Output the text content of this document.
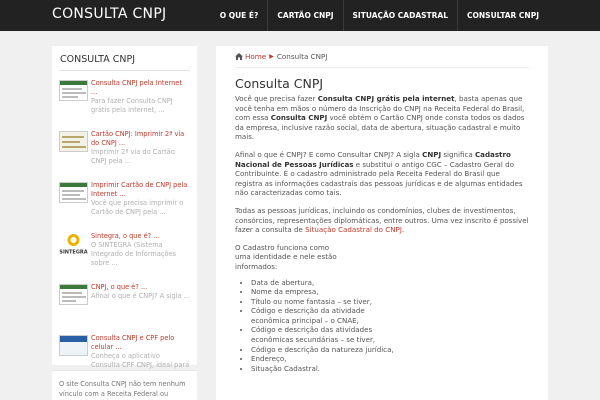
CONSULTA CNPJ	O QUE É?	CARTÃO CNPJ	SITUAÇÃO CADASTRAL	CONSULTAR CNPJ
CONSULTA CNPJ
Consulta CNPJ pela Internet ...
Para fazer Consulta CNPJ grátis pela internet, ...
Cartão CNPJ: Imprimir 2ª via do CNPJ ...
Imprimir 2ª via do Cartão CNPJ pela ...
Imprimir Cartão de CNPJ pela Internet ...
Você que precisa imprimir o Cartão de CNPJ pela ...
SINTEGRA
Sintegra, o que é? ...
O SINTEGRA (Sistema Integrado de Informações sobre ...
CNPJ, o que é? ...
Afinal o que é CNPJ? A sigla ...
Consulta CNPJ e CPF pelo celular ...
Conheça o aplicativo Consulta CPF CNPJ, ideal para
O site Consulta CNPJ não tem nenhum vínculo com a Receita Federal ou
Home ▶ Consulta CNPJ
Consulta CNPJ

Você que precisa fazer Consulta CNPJ grátis pela internet, basta apenas que você tenha em mãos o número da Inscrição do CNPJ na Receita Federal do Brasil, com essa Consulta CNPJ você obtém o Cartão CNPJ onde consta todos os dados da empresa, inclusive razão social, data de abertura, situação cadastral e muito mais.

Afinal o que é CNPJ? E como Consultar CNPJ? A sigla CNPJ significa Cadastro Nacional de Pessoas Jurídicas e substitui o antigo CGC – Cadastro Geral do Contribuinte. É o cadastro administrado pela Receita Federal do Brasil que registra as informações cadastrais das pessoas jurídicas e de algumas entidades não caracterizadas como tais.

Todas as pessoas jurídicas, incluindo os condomínios, clubes de investimentos, consórcios, representações diplomáticas, entre outros. Uma vez inscrito é possível fazer a consulta de Situação Cadastral do CNPJ.

O Cadastro funciona como uma identidade e nele estão informados:

• Data de abertura,
• Nome da empresa,
• Título ou nome fantasia – se tiver,
• Código e descrição da atividade econômica principal – o CNAE,
• Código e descrição das atividades econômicas secundárias – se tiver,
• Código e descrição da natureza jurídica,
• Endereço,
• Situação Cadastral.
